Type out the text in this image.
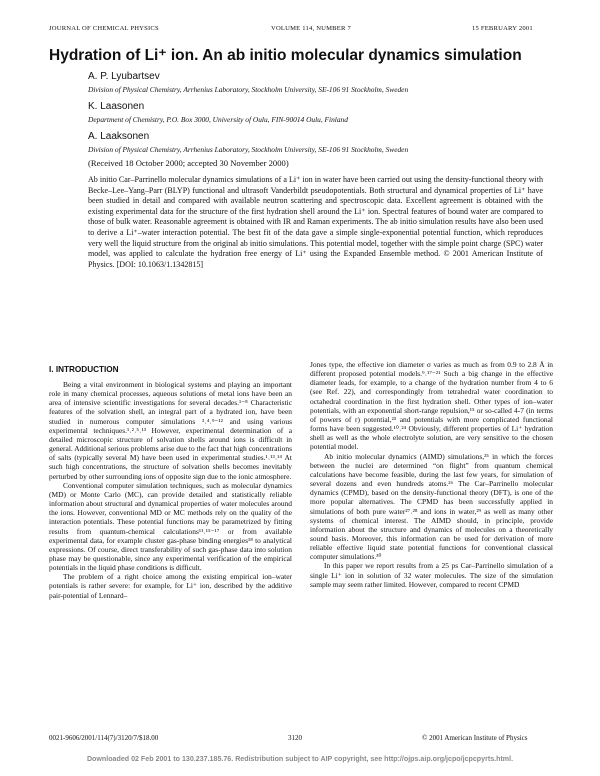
JOURNAL OF CHEMICAL PHYSICS	VOLUME 114, NUMBER 7	15 FEBRUARY 2001
Hydration of Li⁺ ion. An ab initio molecular dynamics simulation
A. P. Lyubartsev
Division of Physical Chemistry, Arrhenius Laboratory, Stockholm University, SE-106 91 Stockholm, Sweden
K. Laasonen
Department of Chemistry, P.O. Box 3000, University of Oulu, FIN-90014 Oulu, Finland
A. Laaksonen
Division of Physical Chemistry, Arrhenius Laboratory, Stockholm University, SE-106 91 Stockholm, Sweden
(Received 18 October 2000; accepted 30 November 2000)
Ab initio Car–Parrinello molecular dynamics simulations of a Li⁺ ion in water have been carried out using the density-functional theory with Becke–Lee–Yang–Parr (BLYP) functional and ultrasoft Vanderbildt pseudopotentials. Both structural and dynamical properties of Li⁺ have been studied in detail and compared with available neutron scattering and spectroscopic data. Excellent agreement is obtained with the existing experimental data for the structure of the first hydration shell around the Li⁺ ion. Spectral features of bound water are compared to those of bulk water. Reasonable agreement is obtained with IR and Raman experiments. The ab initio simulation results have also been used to derive a Li⁺–water interaction potential. The best fit of the data gave a simple single-exponential potential function, which reproduces very well the liquid structure from the original ab initio simulations. This potential model, together with the simple point charge (SPC) water model, was applied to calculate the hydration free energy of Li⁺ using the Expanded Ensemble method. © 2001 American Institute of Physics. [DOI: 10.1063/1.1342815]
I. INTRODUCTION

Being a vital environment in biological systems and playing an important role in many chemical processes, aqueous solutions of metal ions have been an area of intensive scientific investigations for several decades.¹⁻⁸ Characteristic features of the solvation shell, an integral part of a hydrated ion, have been studied in numerous computer simulations ³˒⁴˒⁹⁻¹² and using various experimental techniques.¹˒²˒⁵˒¹³ However, experimental determination of a detailed microscopic structure of solvation shells around ions is difficult in general. Additional serious problems arise due to the fact that high concentrations of salts (typically several M) have been used in experimental studies.¹˒¹³˒¹⁴ At such high concentrations, the structure of solvation shells becomes inevitably perturbed by other surrounding ions of opposite sign due to the ionic atmosphere.

Conventional computer simulation techniques, such as molecular dynamics (MD) or Monte Carlo (MC), can provide detailed and statistically reliable information about structural and dynamical properties of water molecules around the ions. However, conventional MD or MC methods rely on the quality of the interaction potentials. These potential functions may be parametrized by fitting results from quantum-chemical calculations¹¹˒¹⁵⁻¹⁷ or from available experimental data, for example cluster gas-phase binding energies¹⁸ to analytical expressions. Of course, direct transferability of such gas-phase data into solution phase may be questionable, since any experimental verification of the empirical potentials in the liquid phase conditions is difficult.

The problem of a right choice among the existing empirical ion–water potentials is rather severe: for example, for Li⁺ ion, described by the additive pair-potential of Lennard–

Jones type, the effective ion diameter σ varies as much as from 0.9 to 2.8 Å in different proposed potential models.⁹˒¹⁷⁻²¹ Such a big change in the effective diameter leads, for example, to a change of the hydration number from 4 to 6 (see Ref. 22), and correspondingly from tetrahedral water coordination to octahedral coordination in the first hydration shell. Other types of ion–water potentials, with an exponential short-range repulsion,¹⁵ or so-called 4-7 (in terms of powers of r) potential,²³ and potentials with more complicated functional forms have been suggested.¹⁰˒²⁴ Obviously, different properties of Li⁺ hydration shell as well as the whole electrolyte solution, are very sensitive to the chosen potential model.

Ab initio molecular dynamics (AIMD) simulations,²⁵ in which the forces between the nuclei are determined “on flight” from quantum chemical calculations have become feasible, during the last few years, for simulation of several dozens and even hundreds atoms.²⁶ The Car–Parrinello molecular dynamics (CPMD), based on the density-functional theory (DFT), is one of the more popular alternatives. The CPMD has been successfully applied in simulations of both pure water²⁷˒²⁸ and ions in water,²⁹ as well as many other systems of chemical interest. The AIMD should, in principle, provide information about the structure and dynamics of molecules on a theoretically sound basis. Moreover, this information can be used for derivation of more reliable effective liquid state potential functions for conventional classical computer simulations.³⁰

In this paper we report results from a 25 ps Car–Parrinello simulation of a single Li⁺ ion in solution of 32 water molecules. The size of the simulation sample may seem rather limited. However, compared to recent CPMD

0021-9606/2001/114(7)/3120/7/$18.00	3120	© 2001 American Institute of Physics
Downloaded 02 Feb 2001 to 130.237.185.76. Redistribution subject to AIP copyright, see http://ojps.aip.org/jcpo/jcpcpyrts.html.
